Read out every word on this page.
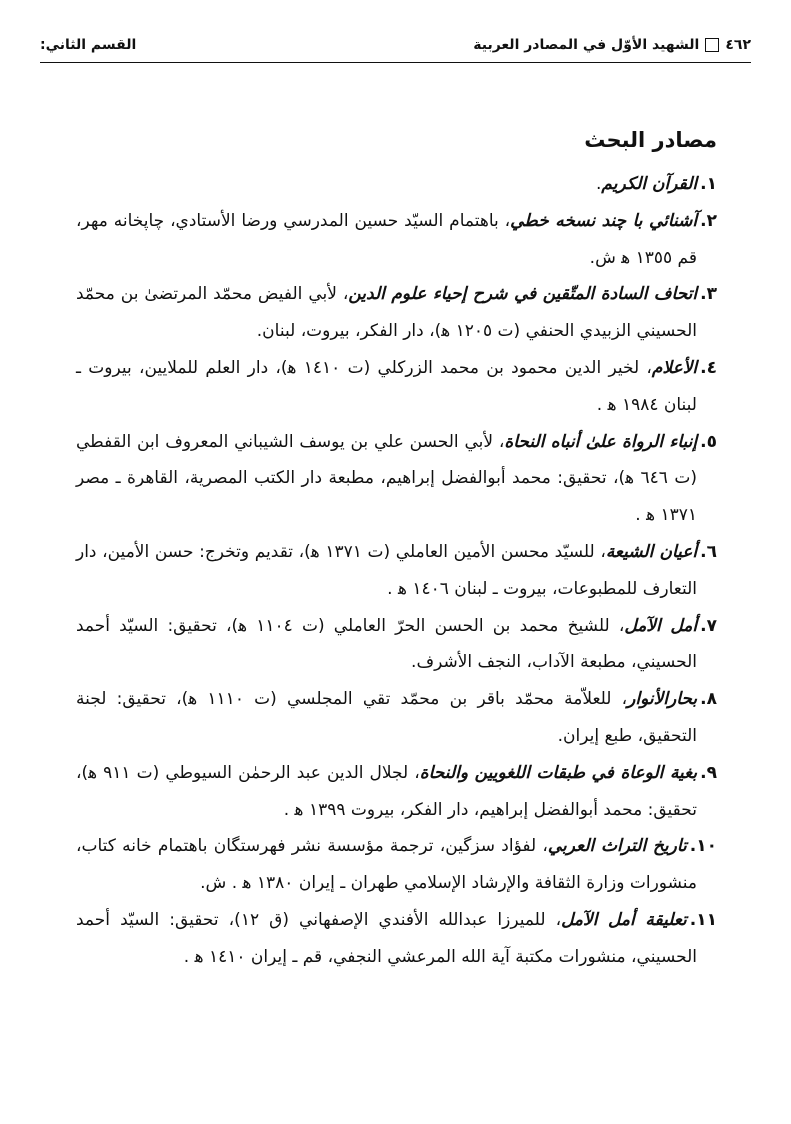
٤٦٢
الشهيد الأوّل في المصادر العربية
القسم الثاني:
مصادر البحث
١.القرآن الكريم.
٢.آشنائي با چند نسخه خطي، باهتمام السيّد حسين المدرسي ورضا الأستادي، چاپخانه مهر، قم ١٣٥٥ ﻫ ش.
٣.اتحاف السادة المتّقين في شرح إحياء علوم الدين، لأبي الفيض محمّد المرتضىٰ بن محمّد الحسيني الزبيدي الحنفي (ت ١٢٠٥ ﻫ)، دار الفكر، بيروت، لبنان.
٤.الأعلام، لخير الدين محمود بن محمد الزركلي (ت ١٤١٠ ﻫ)، دار العلم للملايين، بيروت ـ لبنان ١٩٨٤ ﻫ .
٥.إنباء الرواة علىٰ أنباه النحاة، لأبي الحسن علي بن يوسف الشيباني المعروف ابن القفطي (ت ٦٤٦ ﻫ)، تحقيق: محمد أبوالفضل إبراهيم، مطبعة دار الكتب المصرية، القاهرة ـ مصر ١٣٧١ ﻫ .
٦.أعيان الشيعة، للسيّد محسن الأمين العاملي (ت ١٣٧١ ﻫ)، تقديم وتخرج: حسن الأمين، دار التعارف للمطبوعات، بيروت ـ لبنان ١٤٠٦ ﻫ .
٧.أمل الآمل، للشيخ محمد بن الحسن الحرّ العاملي (ت ١١٠٤ ﻫ)، تحقيق: السيّد أحمد الحسيني، مطبعة الآداب، النجف الأشرف.
٨.بحارالأنوار، للعلاّمة محمّد باقر بن محمّد تقي المجلسي (ت ١١١٠ ﻫ)، تحقيق: لجنة التحقيق، طبع إيران.
٩.بغية الوعاة في طبقات اللغويين والنحاة، لجلال الدين عبد الرحمٰن السيوطي (ت ٩١١ ﻫ)، تحقيق: محمد أبوالفضل إبراهيم، دار الفكر، بيروت ١٣٩٩ ﻫ .
١٠.تاريخ التراث العربي، لفؤاد سزگين، ترجمة مؤسسة نشر فهرستگان باهتمام خانه كتاب، منشورات وزارة الثقافة والإرشاد الإسلامي طهران ـ إيران ١٣٨٠ ﻫ . ش.
١١.تعليقة أمل الآمل، للميرزا عبدالله الأفندي الإصفهاني (ق ١٢)، تحقيق: السيّد أحمد الحسيني، منشورات مكتبة آية الله المرعشي النجفي، قم ـ إيران ١٤١٠ ﻫ .
